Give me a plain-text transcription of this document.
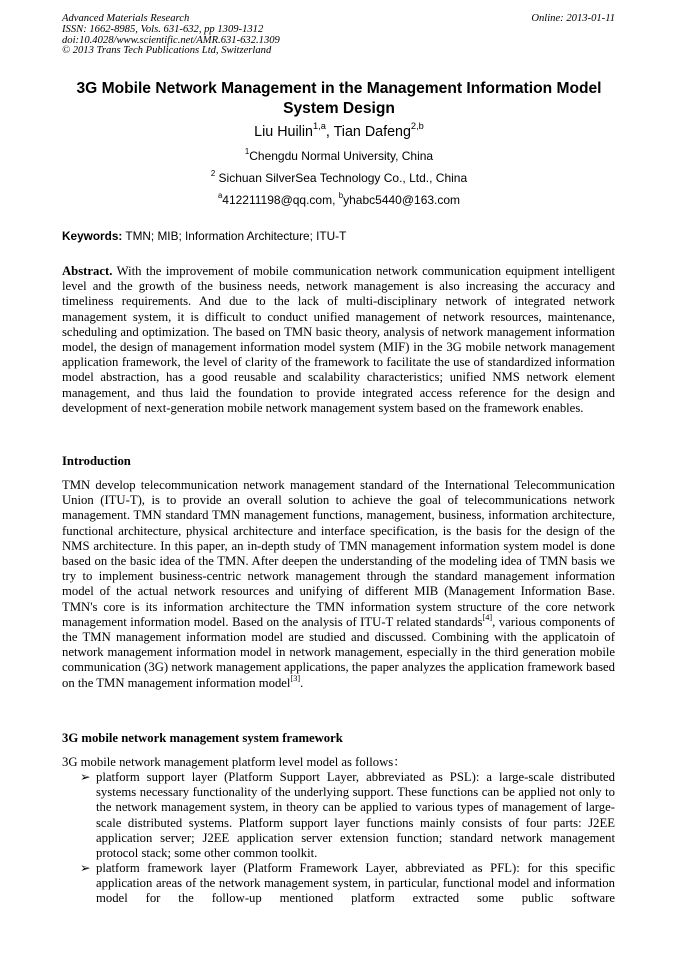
Advanced Materials Research
ISSN: 1662-8985, Vols. 631-632, pp 1309-1312
doi:10.4028/www.scientific.net/AMR.631-632.1309
© 2013 Trans Tech Publications Ltd, Switzerland
Online: 2013-01-11
3G Mobile Network Management in the Management Information Model System Design
Liu Huilin$^{1,a}$, Tian Dafeng$^{2,b}$
$^1$Chengdu Normal University, China
$^2$ Sichuan SilverSea Technology Co., Ltd., China
$^a$412211198@qq.com, $^b$yhabc5440@163.com
Keywords: TMN; MIB; Information Architecture; ITU-T
Abstract. With the improvement of mobile communication network communication equipment intelligent level and the growth of the business needs, network management is also increasing the accuracy and timeliness requirements. And due to the lack of multi-disciplinary network of integrated network management system, it is difficult to conduct unified management of network resources, maintenance, scheduling and optimization. The based on TMN basic theory, analysis of network management information model, the design of management information model system (MIF) in the 3G mobile network management application framework, the level of clarity of the framework to facilitate the use of standardized information model abstraction, has a good reusable and scalability characteristics; unified NMS network element management, and thus laid the foundation to provide integrated access reference for the design and development of next-generation mobile network management system based on the framework enables.
Introduction
TMN develop telecommunication network management standard of the International Telecommunication Union (ITU-T), is to provide an overall solution to achieve the goal of telecommunications network management. TMN standard TMN management functions, management, business, information architecture, functional architecture, physical architecture and interface specification, is the basis for the design of the NMS architecture. In this paper, an in-depth study of TMN management information system model is done based on the basic idea of the TMN. After deepen the understanding of the modeling idea of TMN basis we try to implement business-centric network management through the standard management information model of the actual network resources and unifying of different MIB (Management Information Base. TMN's core is its information architecture the TMN information system structure of the core network management information model. Based on the analysis of ITU-T related standards[4], various components of the TMN management information model are studied and discussed. Combining with the applicatoin of network management information model in network management, especially in the third generation mobile communication (3G) network management applications, the paper analyzes the application framework based on the TMN management information model[3].
3G mobile network management system framework
3G mobile network management platform level model as follows：
➢ platform support layer (Platform Support Layer, abbreviated as PSL): a large-scale distributed systems necessary functionality of the underlying support. These functions can be applied not only to the network management system, in theory can be applied to various types of management of large-scale distributed systems. Platform support layer functions mainly consists of four parts: J2EE application server; J2EE application server extension function; standard network management protocol stack; some other common toolkit.
➢ platform framework layer (Platform Framework Layer, abbreviated as PFL): for this specific application areas of the network management system, in particular, functional model and information model for the follow-up mentioned platform extracted some public software
